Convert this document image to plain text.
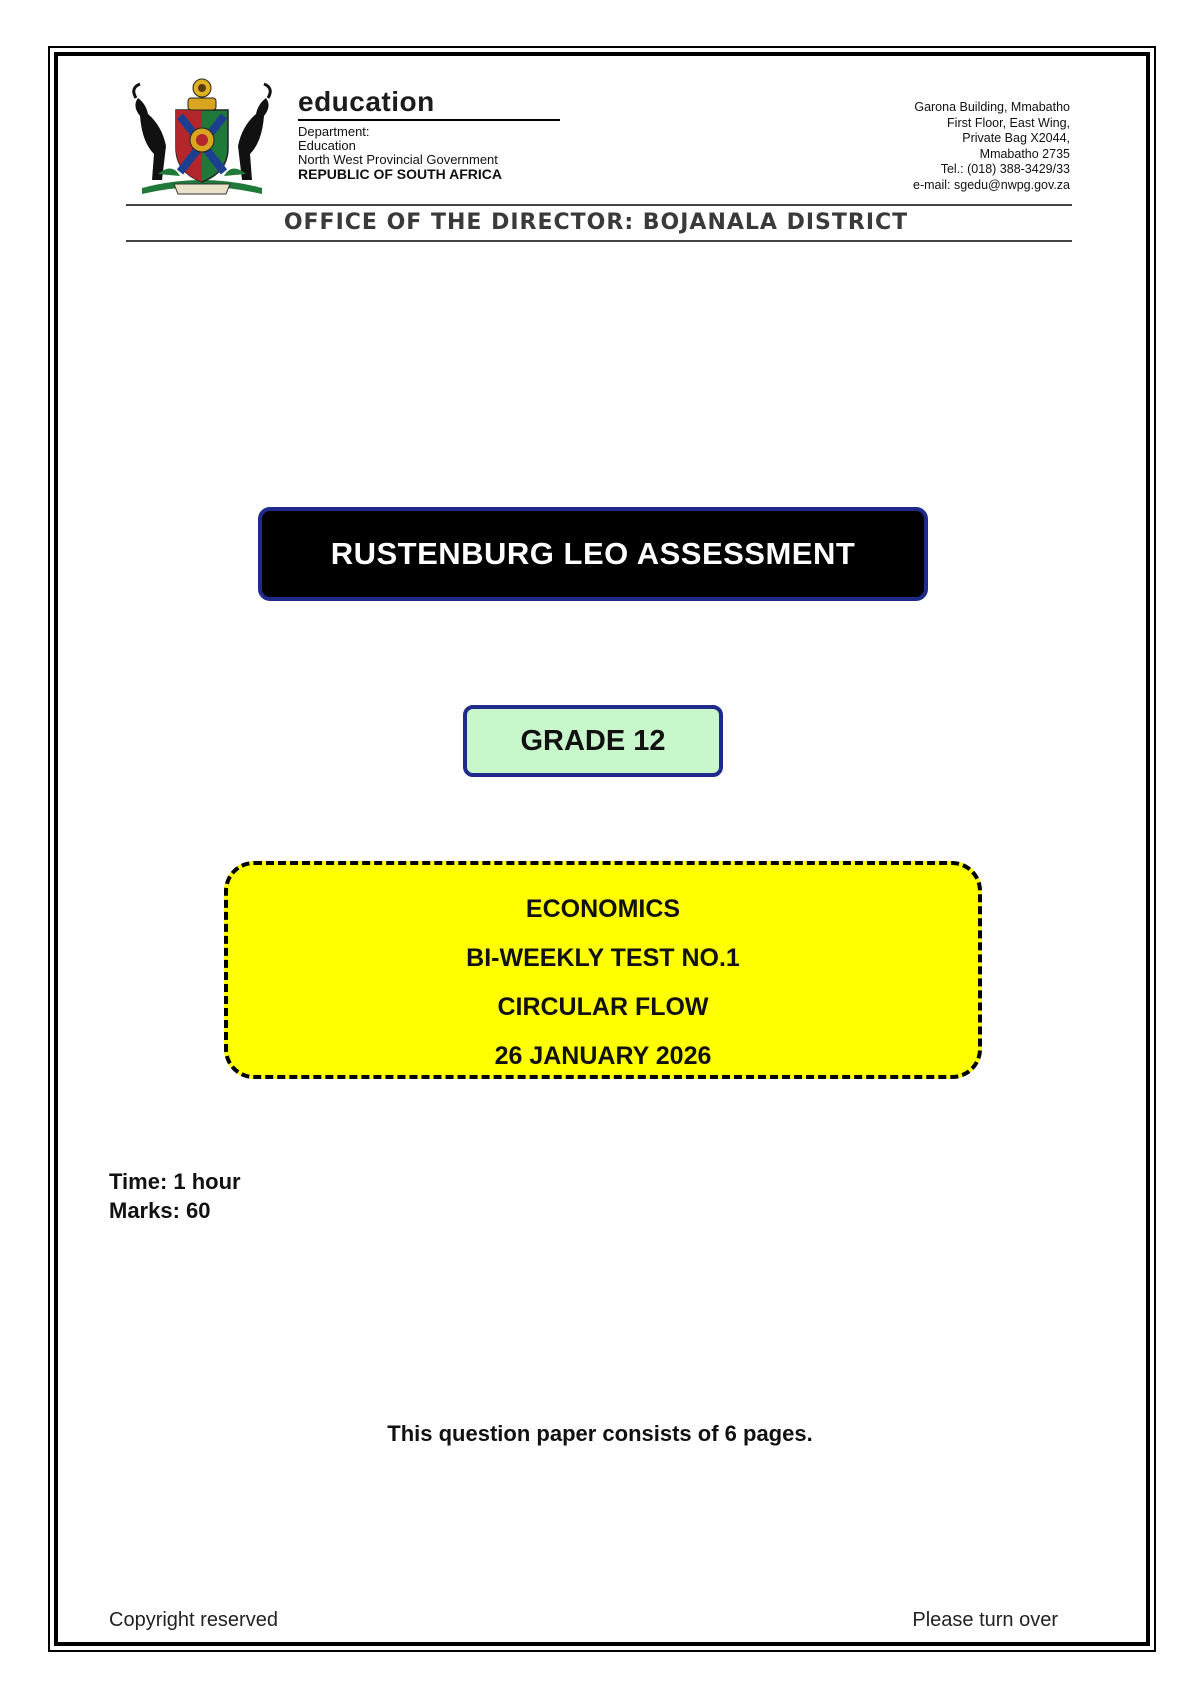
education
Department:
Education
North West Provincial Government
REPUBLIC OF SOUTH AFRICA
Garona Building, Mmabatho
First Floor, East Wing,
Private Bag X2044,
Mmabatho 2735
Tel.: (018) 388-3429/33
e-mail: sgedu@nwpg.gov.za
OFFICE OF THE DIRECTOR: BOJANALA DISTRICT
RUSTENBURG LEO ASSESSMENT
GRADE 12
ECONOMICS
BI-WEEKLY TEST NO.1
CIRCULAR FLOW
26 JANUARY 2026
Time: 1 hour
Marks: 60
This question paper consists of 6 pages.
Copyright reserved	Please turn over
